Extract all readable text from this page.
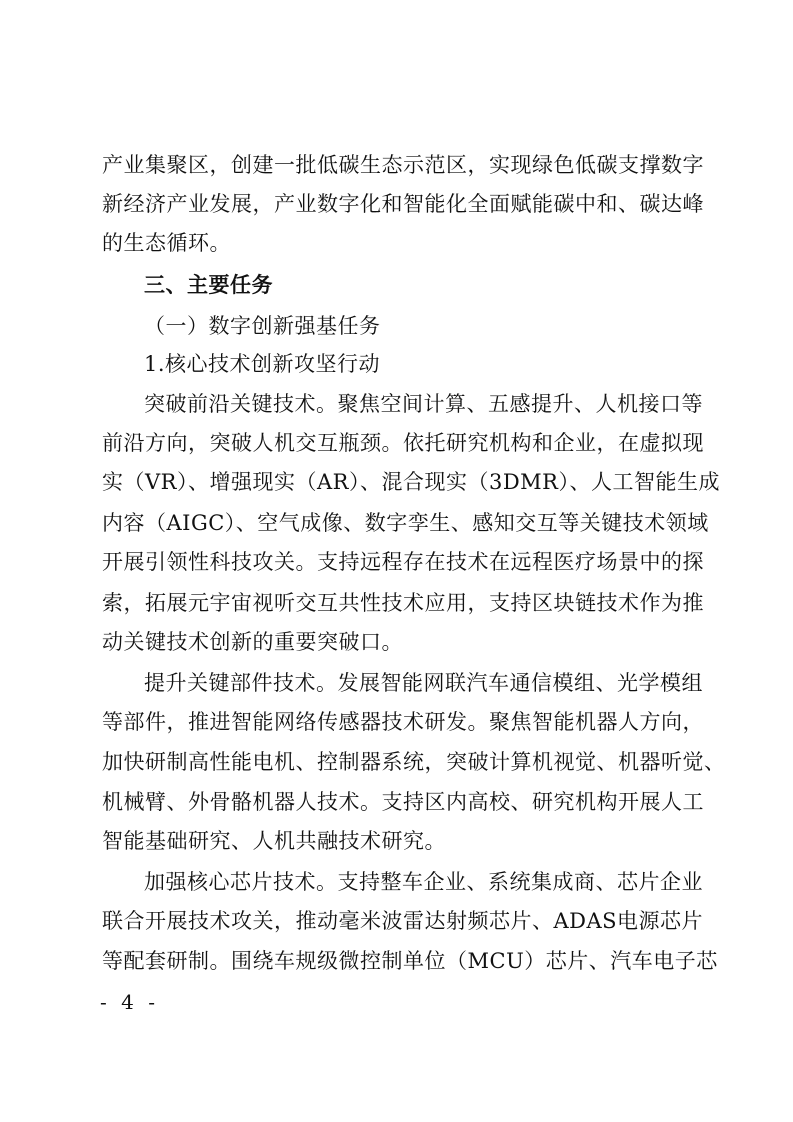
产业集聚区，创建一批低碳生态示范区，实现绿色低碳支撑数字
新经济产业发展，产业数字化和智能化全面赋能碳中和、碳达峰
的生态循环。
三、主要任务
（一）数字创新强基任务
1.核心技术创新攻坚行动
突破前沿关键技术。聚焦空间计算、五感提升、人机接口等
前沿方向，突破人机交互瓶颈。依托研究机构和企业，在虚拟现
实（VR）、增强现实（AR）、混合现实（3DMR）、人工智能生成
内容（AIGC）、空气成像、数字孪生、感知交互等关键技术领域
开展引领性科技攻关。支持远程存在技术在远程医疗场景中的探
索，拓展元宇宙视听交互共性技术应用，支持区块链技术作为推
动关键技术创新的重要突破口。
提升关键部件技术。发展智能网联汽车通信模组、光学模组
等部件，推进智能网络传感器技术研发。聚焦智能机器人方向，
加快研制高性能电机、控制器系统，突破计算机视觉、机器听觉、
机械臂、外骨骼机器人技术。支持区内高校、研究机构开展人工
智能基础研究、人机共融技术研究。
加强核心芯片技术。支持整车企业、系统集成商、芯片企业
联合开展技术攻关，推动毫米波雷达射频芯片、ADAS电源芯片
等配套研制。围绕车规级微控制单位（MCU）芯片、汽车电子芯
- 4 -
